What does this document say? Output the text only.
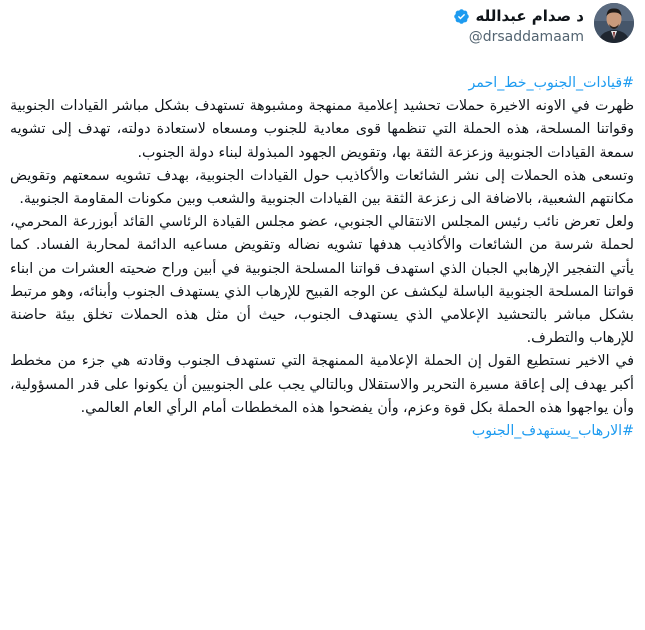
د صدام عبدالله
@drsaddamaam
#قيادات_الجنوب_خط_احمر

ظهرت في الاونه الاخيرة حملات تحشيد إعلامية ممنهجة ومشبوهة تستهدف بشكل مباشر القيادات الجنوبية وقواتنا المسلحة، هذه الحملة التي تنظمها قوى معادية للجنوب ومسعاه لاستعادة دولته، تهدف إلى تشويه سمعة القيادات الجنوبية وزعزعة الثقة بها، وتقويض الجهود المبذولة لبناء دولة الجنوب.

وتسعى هذه الحملات إلى نشر الشائعات والأكاذيب حول القيادات الجنوبية، بهدف تشويه سمعتهم وتقويض مكانتهم الشعبية، بالاضافة الى زعزعة الثقة بين القيادات الجنوبية والشعب وبين مكونات المقاومة الجنوبية.

ولعل تعرض نائب رئيس المجلس الانتقالي الجنوبي، عضو مجلس القيادة الرئاسي القائد أبوزرعة المحرمي، لحملة شرسة من الشائعات والأكاذيب هدفها تشويه نضاله وتقويض مساعيه الدائمة لمحاربة الفساد. كما يأتي التفجير الإرهابي الجبان الذي استهدف قواتنا المسلحة الجنوبية في أبين وراح ضحيته العشرات من ابناء قواتنا المسلحة الجنوبية الباسلة ليكشف عن الوجه القبيح للإرهاب الذي يستهدف الجنوب وأبنائه، وهو مرتبط بشكل مباشر بالتحشيد الإعلامي الذي يستهدف الجنوب، حيث أن مثل هذه الحملات تخلق بيئة حاضنة للإرهاب والتطرف.

في الاخير نستطيع القول إن الحملة الإعلامية الممنهجة التي تستهدف الجنوب وقادته هي جزء من مخطط أكبر يهدف إلى إعاقة مسيرة التحرير والاستقلال وبالتالي يجب على الجنوبيين أن يكونوا على قدر المسؤولية، وأن يواجهوا هذه الحملة بكل قوة وعزم، وأن يفضحوا هذه المخططات أمام الرأي العام العالمي.

#الارهاب_يستهدف_الجنوب
